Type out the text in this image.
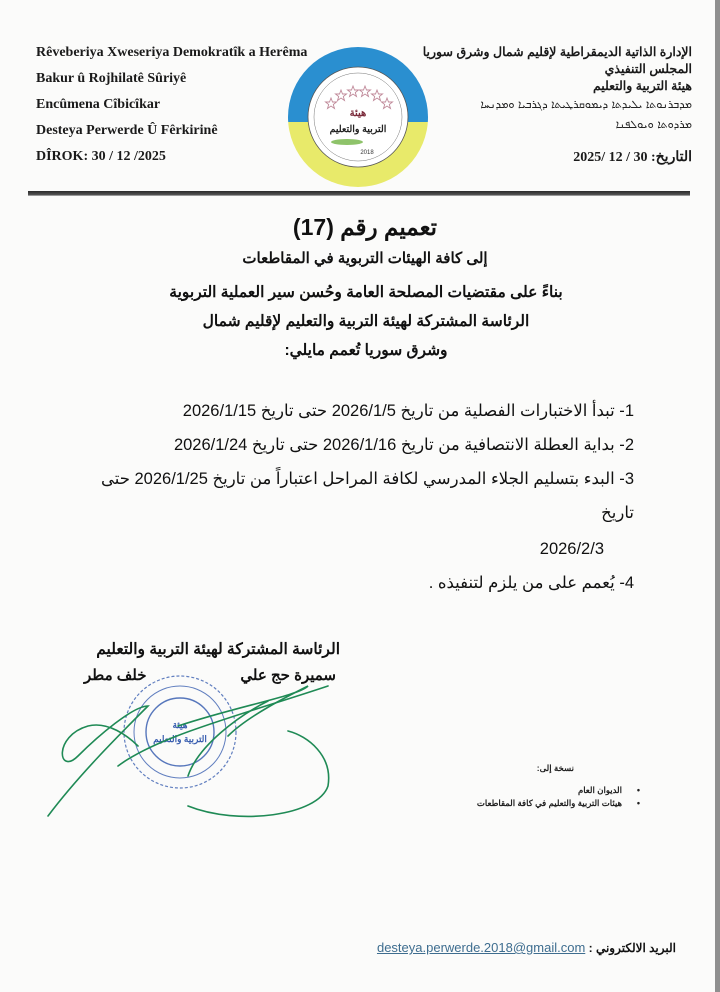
Rêveberiya Xweseriya Demokratîk a Herêma
Bakur û Rojhilatê Sûriyê
Encûmena Cîbicîkar
Desteya Perwerde Û Fêrkirinê
DÎROK: 30 / 12 /2025
هيئة
التربية والتعليم
2018
الإدارة الذاتية الديمقراطية لإقليم شمال وشرق سوريا
المجلس التنفيذي
هيئة التربية والتعليم
ܡܕܒܪܢܘܬܐ ܝܠܝܕܬܐ ܕܝܡܘܩܪܛܝܬܐ ܕܓܪܒܝܐ ܘܡܕܢܚܐ
ܡܪܕܘܬܐ ܘܝܘܠܦܢܐ
التاريخ: 30 / 12 /2025
تعميم رقم (17)
إلى كافة الهيئات التربوية في المقاطعات
بناءً على مقتضيات المصلحة العامة وحُسن سير العملية التربوية
الرئاسة المشتركة لهيئة التربية والتعليم لإقليم شمال
وشرق سوريا تُعمم مايلي:
1- تبدأ الاختبارات الفصلية من تاريخ 2026/1/5 حتى تاريخ 2026/1/15
2- بداية العطلة الانتصافية من تاريخ 2026/1/16 حتى تاريخ 2026/1/24
3- البدء بتسليم الجلاء المدرسي لكافة المراحل اعتباراً من تاريخ 2026/1/25 حتى تاريخ
2026/2/3
4- يُعمم على من يلزم لتنفيذه .
الرئاسة المشتركة لهيئة التربية والتعليم
سميرة حج علي
خلف مطر
هيئة
التربية والتعليم
نسخة إلى:
• الديوان العام
• هيئات التربية والتعليم في كافة المقاطعات
البريد الالكتروني : desteya.perwerde.2018@gmail.com
